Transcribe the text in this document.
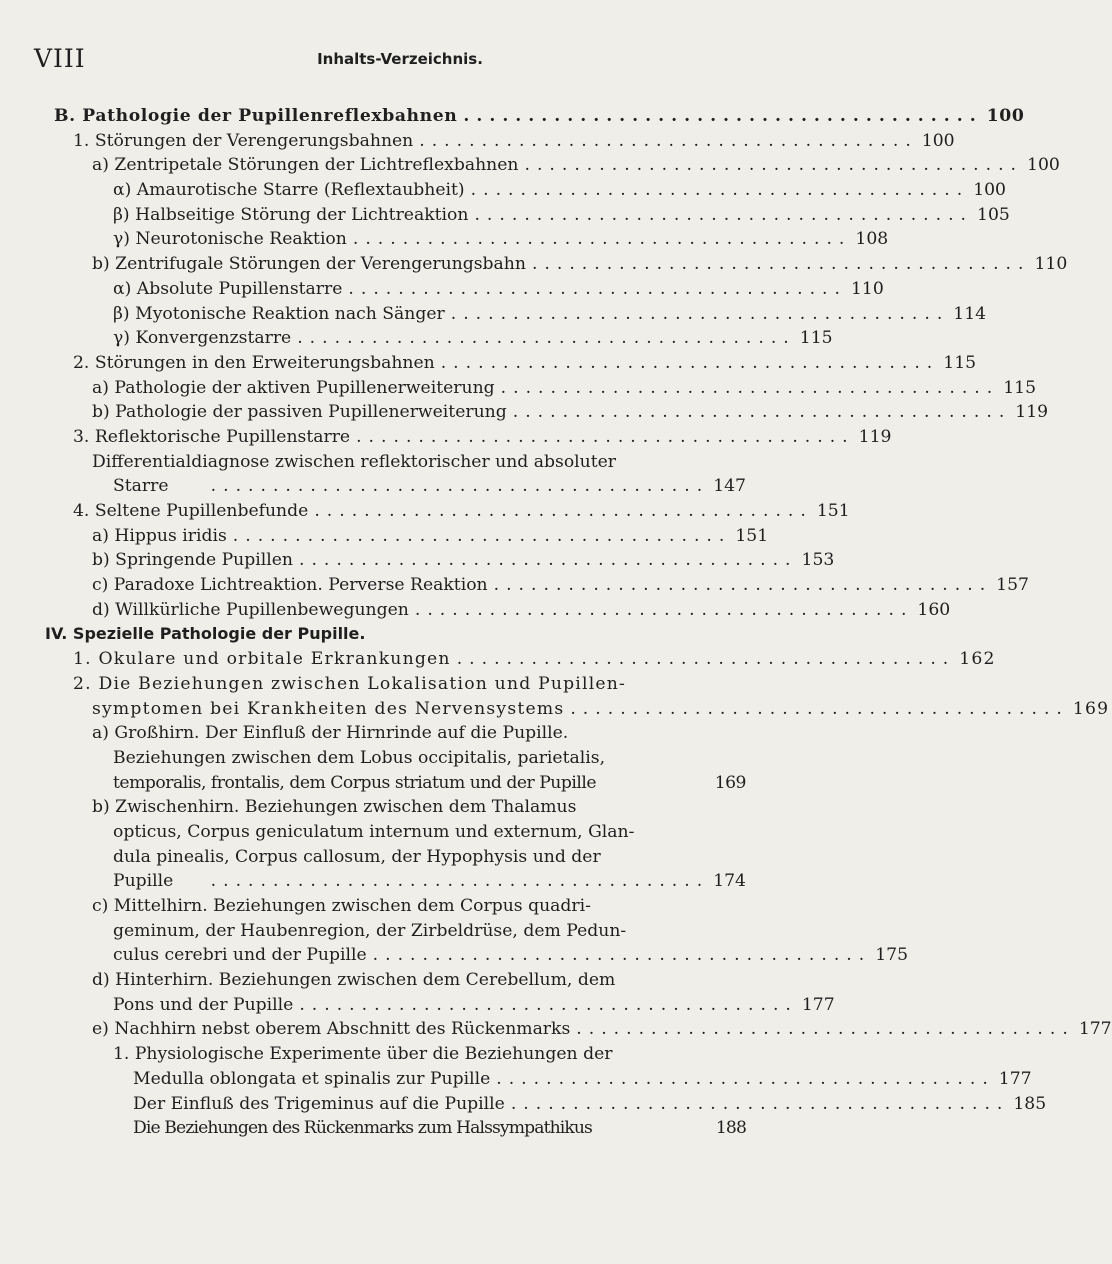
VIII	Inhalts-Verzeichnis.
B. Pathologie der Pupillenreflexbahnen ........................................ 100
1. Störungen der Verengerungsbahnen ........................................ 100
a) Zentripetale Störungen der Lichtreflexbahnen ........................................ 100
α) Amaurotische Starre (Reflextaubheit) ........................................ 100
β) Halbseitige Störung der Lichtreaktion ........................................ 105
γ) Neurotonische Reaktion ........................................ 108
b) Zentrifugale Störungen der Verengerungsbahn ........................................ 110
α) Absolute Pupillenstarre ........................................ 110
β) Myotonische Reaktion nach Sänger ........................................ 114
γ) Konvergenzstarre ........................................ 115
2. Störungen in den Erweiterungsbahnen ........................................ 115
a) Pathologie der aktiven Pupillenerweiterung ........................................ 115
b) Pathologie der passiven Pupillenerweiterung ........................................ 119
3. Reflektorische Pupillenstarre ........................................ 119
Differentialdiagnose zwischen reflektorischer und absoluter
Starre	........................................ 147
4. Seltene Pupillenbefunde ........................................ 151
a) Hippus iridis ........................................ 151
b) Springende Pupillen ........................................ 153
c) Paradoxe Lichtreaktion. Perverse Reaktion ........................................ 157
d) Willkürliche Pupillenbewegungen ........................................ 160
IV. Spezielle Pathologie der Pupille.
1. Okulare und orbitale Erkrankungen ........................................ 162
2. Die Beziehungen zwischen Lokalisation und Pupillen-
symptomen bei Krankheiten des Nervensystems ........................................ 169
a) Großhirn. Der Einfluß der Hirnrinde auf die Pupille.
Beziehungen zwischen dem Lobus occipitalis, parietalis,
temporalis, frontalis, dem Corpus striatum und der Pupille	169
b) Zwischenhirn. Beziehungen zwischen dem Thalamus
opticus, Corpus geniculatum internum und externum, Glan-
dula pinealis, Corpus callosum, der Hypophysis und der
Pupille	........................................ 174
c) Mittelhirn. Beziehungen zwischen dem Corpus quadri-
geminum, der Haubenregion, der Zirbeldrüse, dem Pedun-
culus cerebri und der Pupille ........................................ 175
d) Hinterhirn. Beziehungen zwischen dem Cerebellum, dem
Pons und der Pupille ........................................ 177
e) Nachhirn nebst oberem Abschnitt des Rückenmarks ........................................ 177
1. Physiologische Experimente über die Beziehungen der
Medulla oblongata et spinalis zur Pupille ........................................ 177
Der Einfluß des Trigeminus auf die Pupille ........................................ 185
Die Beziehungen des Rückenmarks zum Halssympathikus	188
